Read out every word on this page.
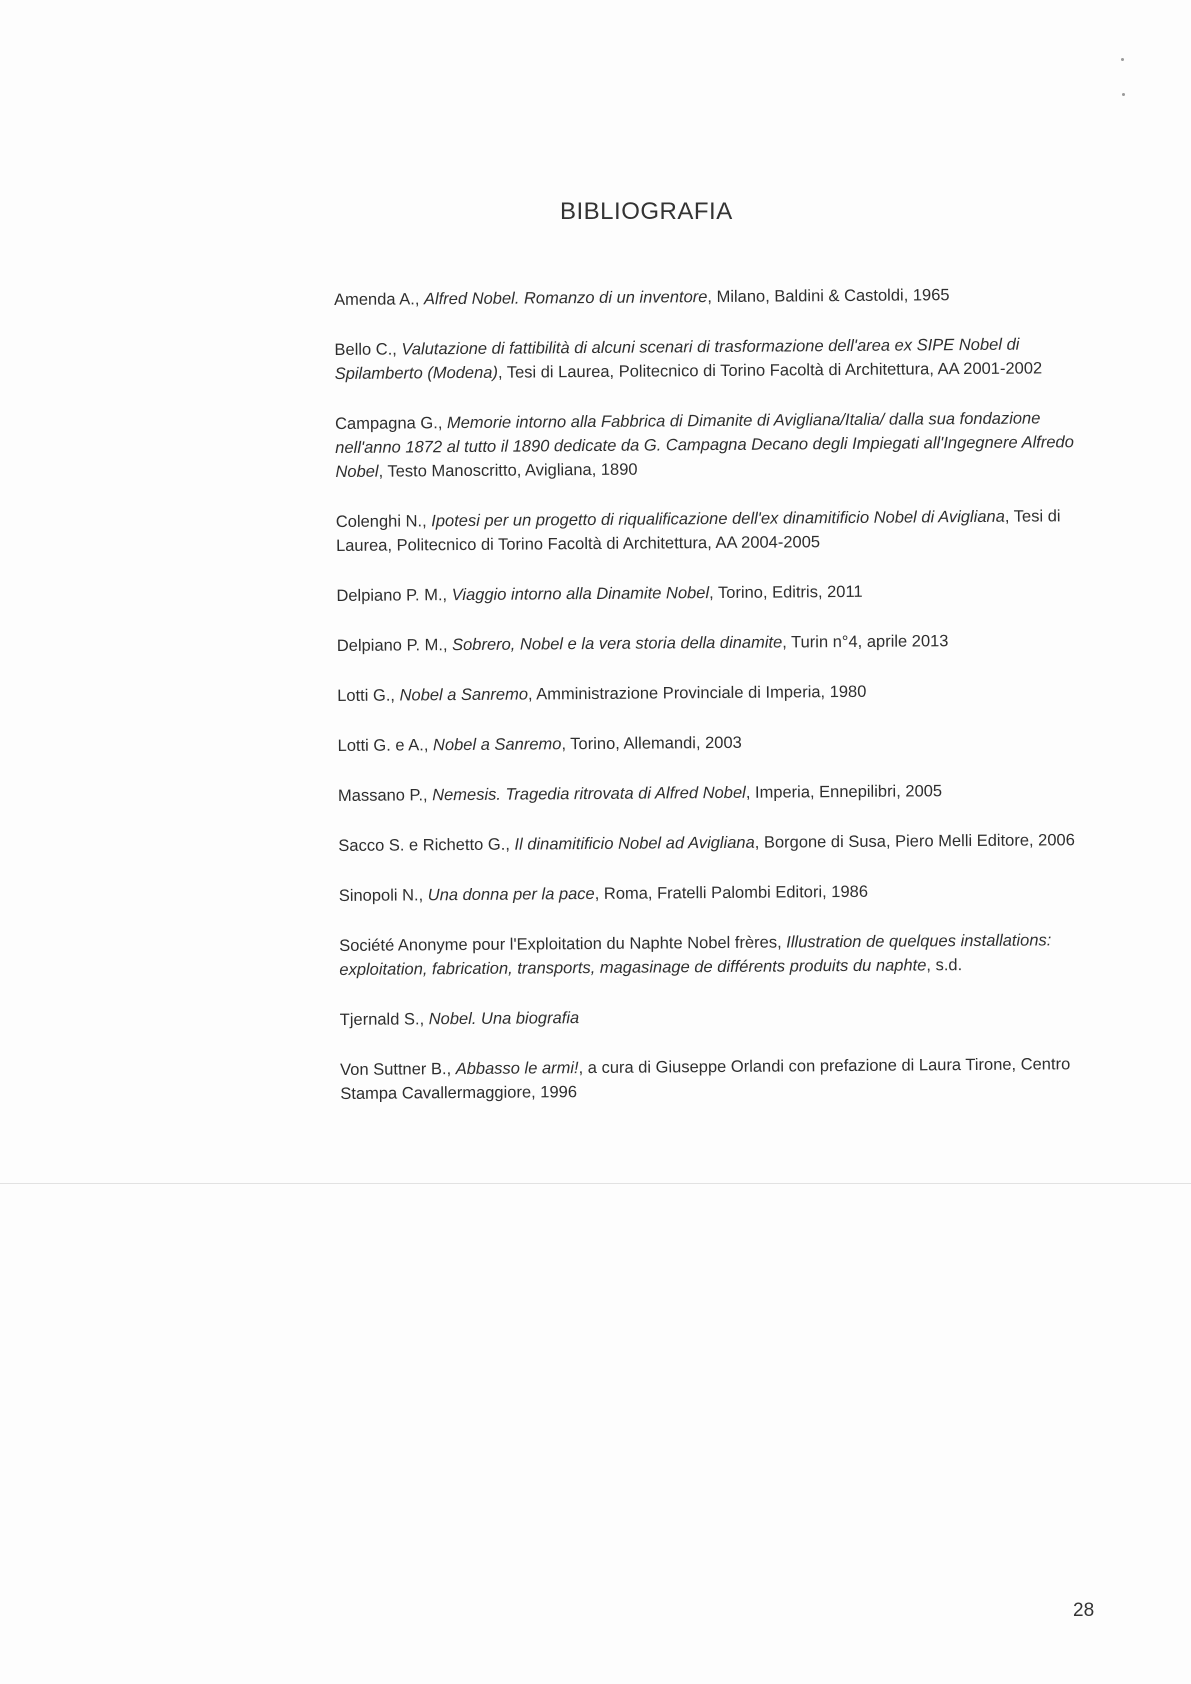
BIBLIOGRAFIA
Amenda A., Alfred Nobel. Romanzo di un inventore, Milano, Baldini & Castoldi, 1965
Bello C., Valutazione di fattibilità di alcuni scenari di trasformazione dell'area ex SIPE Nobel di Spilamberto (Modena), Tesi di Laurea, Politecnico di Torino Facoltà di Architettura, AA 2001-2002
Campagna G., Memorie intorno alla Fabbrica di Dimanite di Avigliana/Italia/ dalla sua fondazione nell'anno 1872 al tutto il 1890 dedicate da G. Campagna Decano degli Impiegati all'Ingegnere Alfredo Nobel, Testo Manoscritto, Avigliana, 1890
Colenghi N., Ipotesi per un progetto di riqualificazione dell'ex dinamitificio Nobel di Avigliana, Tesi di Laurea, Politecnico di Torino Facoltà di Architettura, AA 2004-2005
Delpiano P. M., Viaggio intorno alla Dinamite Nobel, Torino, Editris, 2011
Delpiano P. M., Sobrero, Nobel e la vera storia della dinamite, Turin n°4, aprile 2013
Lotti G., Nobel a Sanremo, Amministrazione Provinciale di Imperia, 1980
Lotti G. e A., Nobel a Sanremo, Torino, Allemandi, 2003
Massano P., Nemesis. Tragedia ritrovata di Alfred Nobel, Imperia, Ennepilibri, 2005
Sacco S. e Richetto G., Il dinamitificio Nobel ad Avigliana, Borgone di Susa, Piero Melli Editore, 2006
Sinopoli N., Una donna per la pace, Roma, Fratelli Palombi Editori, 1986
Société Anonyme pour l'Exploitation du Naphte Nobel frères, Illustration de quelques installations: exploitation, fabrication, transports, magasinage de différents produits du naphte, s.d.
Tjernald S., Nobel. Una biografia
Von Suttner B., Abbasso le armi!, a cura di Giuseppe Orlandi con prefazione di Laura Tirone, Centro Stampa Cavallermaggiore, 1996
28
